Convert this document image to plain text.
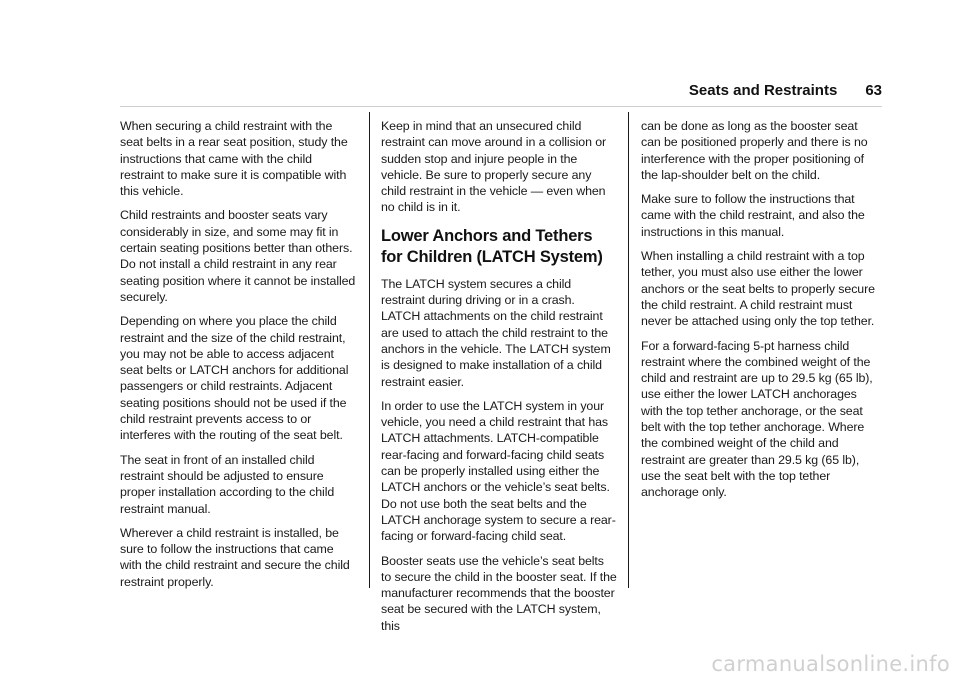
Seats and Restraints 63

When securing a child restraint with the seat belts in a rear seat position, study the instructions that came with the child restraint to make sure it is compatible with this vehicle.

Child restraints and booster seats vary considerably in size, and some may fit in certain seating positions better than others. Do not install a child restraint in any rear seating position where it cannot be installed securely.

Depending on where you place the child restraint and the size of the child restraint, you may not be able to access adjacent seat belts or LATCH anchors for additional passengers or child restraints. Adjacent seating positions should not be used if the child restraint prevents access to or interferes with the routing of the seat belt.

The seat in front of an installed child restraint should be adjusted to ensure proper installation according to the child restraint manual.

Wherever a child restraint is installed, be sure to follow the instructions that came with the child restraint and secure the child restraint properly.

Keep in mind that an unsecured child restraint can move around in a collision or sudden stop and injure people in the vehicle. Be sure to properly secure any child restraint in the vehicle — even when no child is in it.

Lower Anchors and Tethers for Children (LATCH System)

The LATCH system secures a child restraint during driving or in a crash. LATCH attachments on the child restraint are used to attach the child restraint to the anchors in the vehicle. The LATCH system is designed to make installation of a child restraint easier.

In order to use the LATCH system in your vehicle, you need a child restraint that has LATCH attachments. LATCH-compatible rear-facing and forward-facing child seats can be properly installed using either the LATCH anchors or the vehicle’s seat belts. Do not use both the seat belts and the LATCH anchorage system to secure a rear-facing or forward-facing child seat.

Booster seats use the vehicle’s seat belts to secure the child in the booster seat. If the manufacturer recommends that the booster seat be secured with the LATCH system, this

can be done as long as the booster seat can be positioned properly and there is no interference with the proper positioning of the lap-shoulder belt on the child.

Make sure to follow the instructions that came with the child restraint, and also the instructions in this manual.

When installing a child restraint with a top tether, you must also use either the lower anchors or the seat belts to properly secure the child restraint. A child restraint must never be attached using only the top tether.

For a forward-facing 5-pt harness child restraint where the combined weight of the child and restraint are up to 29.5 kg (65 lb), use either the lower LATCH anchorages with the top tether anchorage, or the seat belt with the top tether anchorage. Where the combined weight of the child and restraint are greater than 29.5 kg (65 lb), use the seat belt with the top tether anchorage only.

carmanualsonline.info
